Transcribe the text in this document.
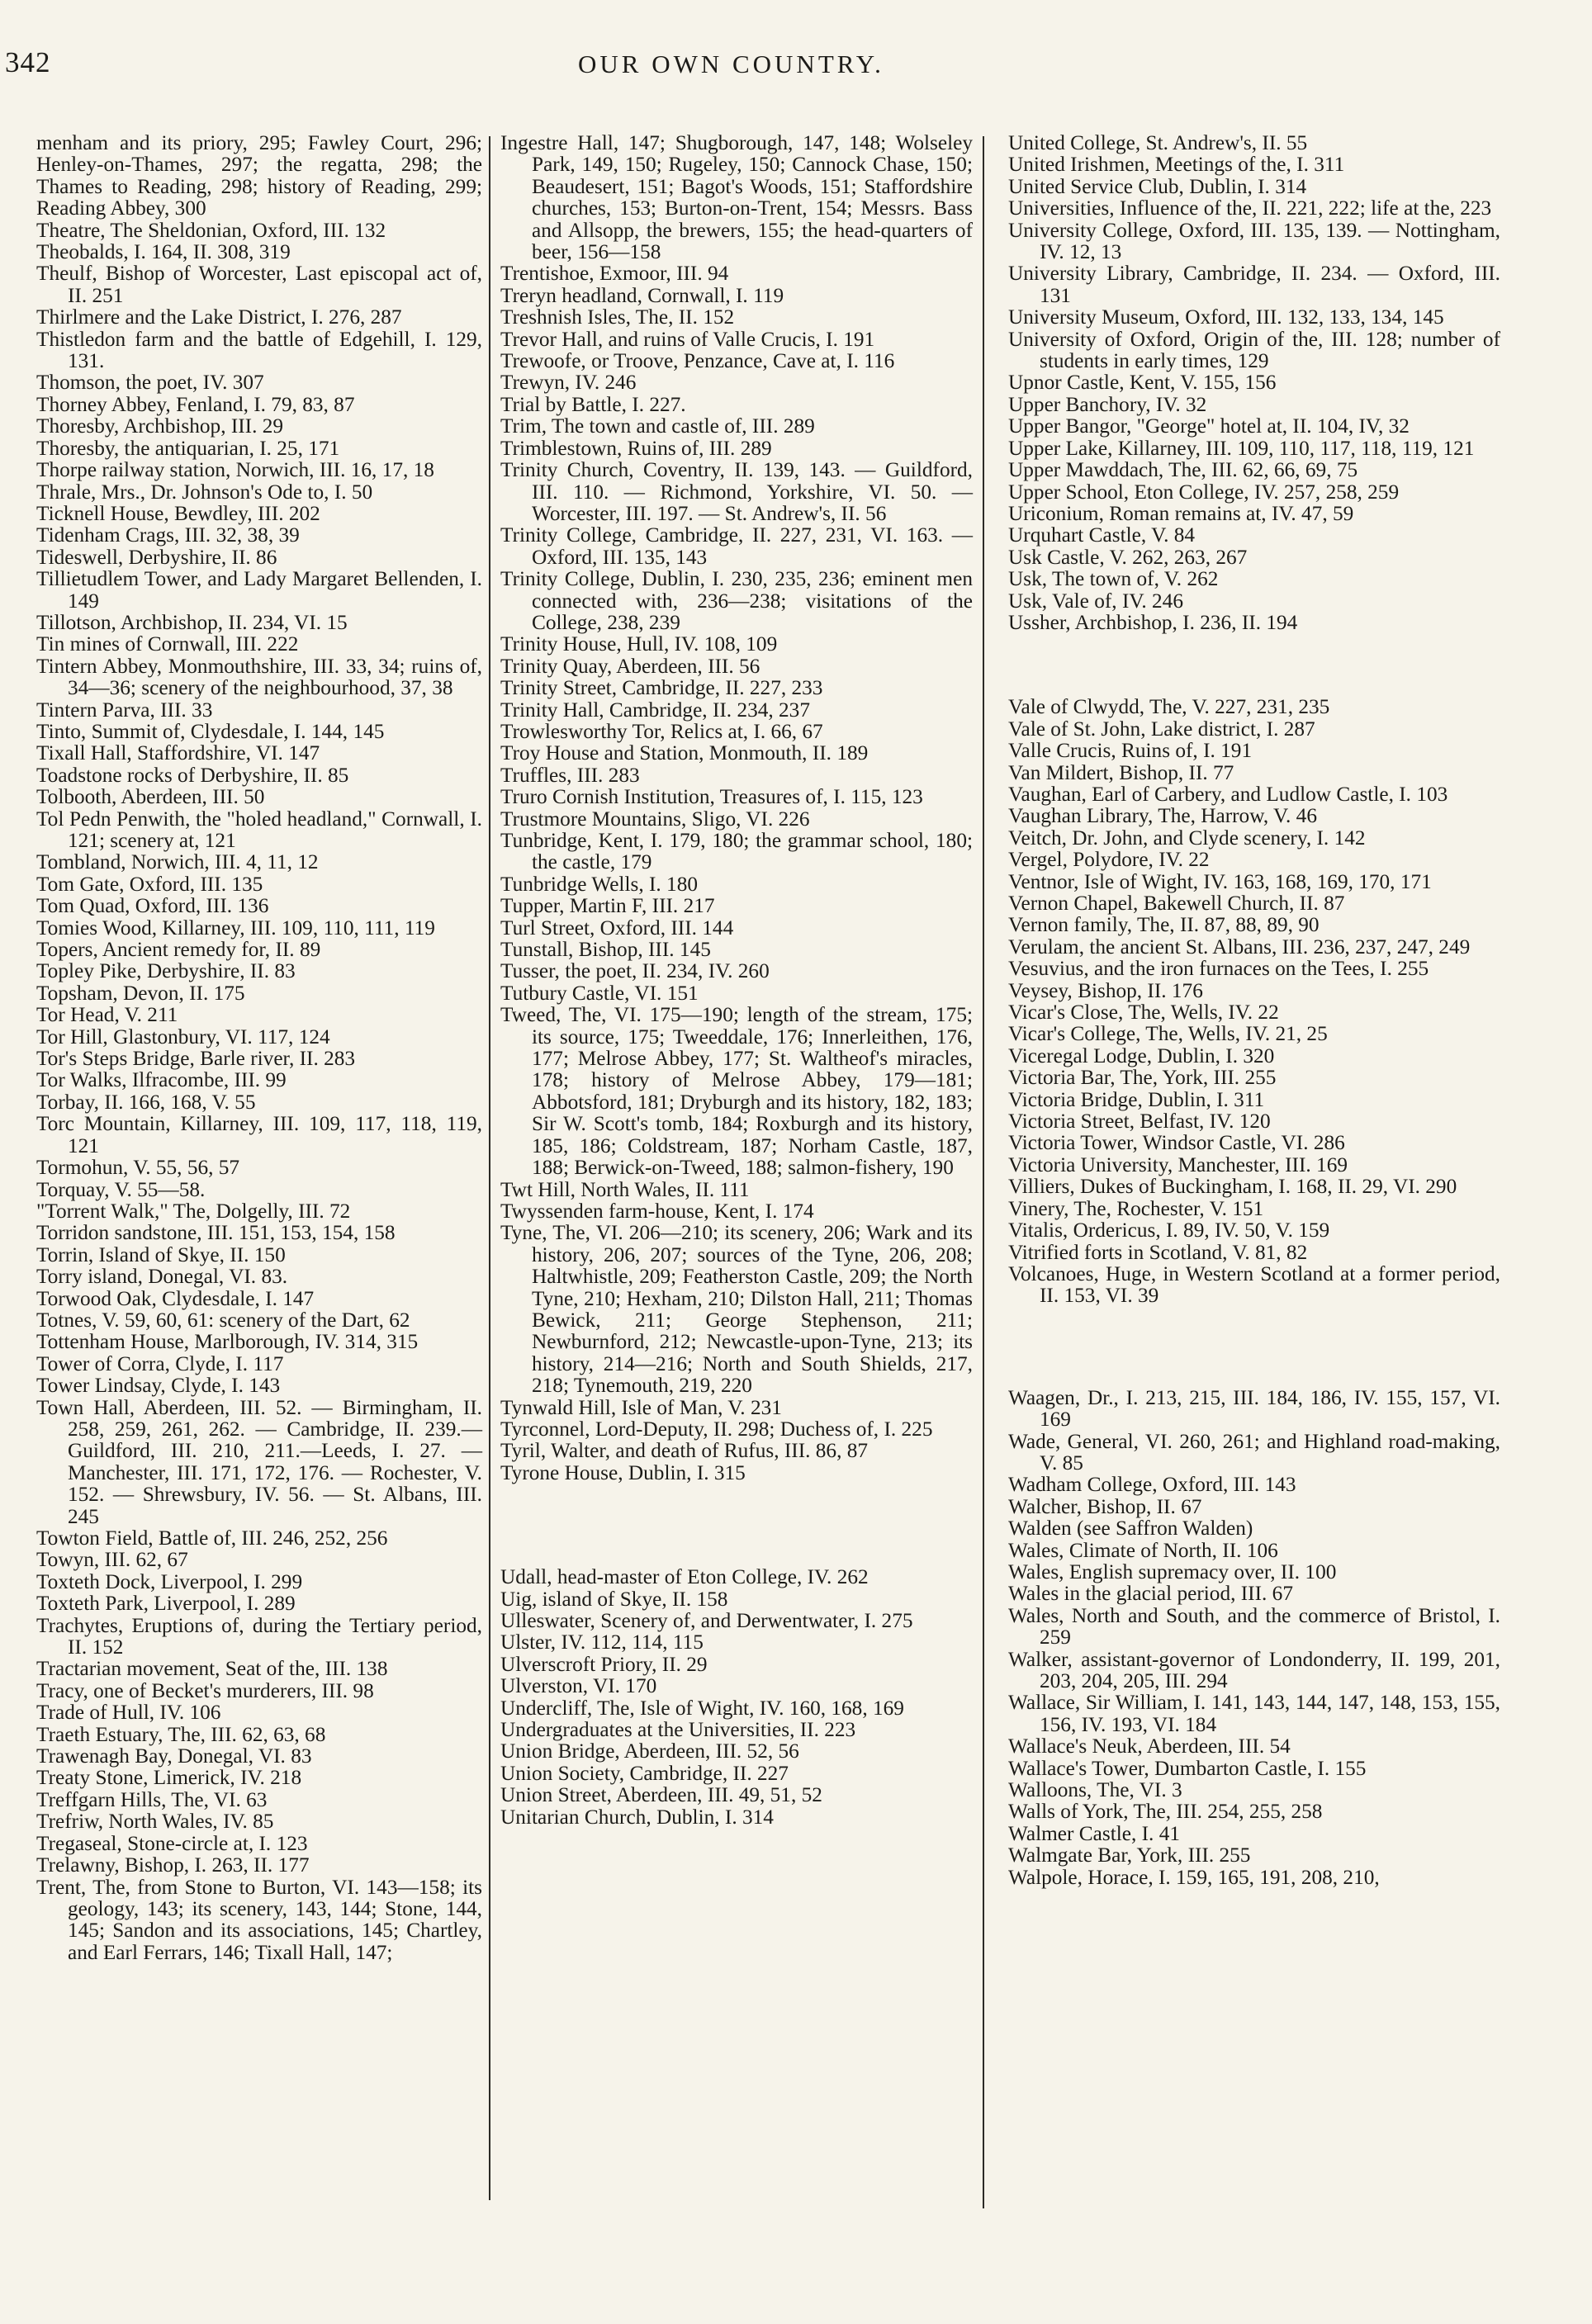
342	OUR OWN COUNTRY.

menham and its priory, 295; Fawley Court, 296; Henley-on-Thames, 297; the regatta, 298; the Thames to Reading, 298; history of Reading, 299; Reading Abbey, 300

Theatre, The Sheldonian, Oxford, III. 132

Theobalds, I. 164, II. 308, 319

Theulf, Bishop of Worcester, Last episcopal act of, II. 251

Thirlmere and the Lake District, I. 276, 287

Thistledon farm and the battle of Edgehill, I. 129, 131.

Thomson, the poet, IV. 307

Thorney Abbey, Fenland, I. 79, 83, 87

Thoresby, Archbishop, III. 29

Thoresby, the antiquarian, I. 25, 171

Thorpe railway station, Norwich, III. 16, 17, 18

Thrale, Mrs., Dr. Johnson's Ode to, I. 50

Ticknell House, Bewdley, III. 202

Tidenham Crags, III. 32, 38, 39

Tideswell, Derbyshire, II. 86

Tillietudlem Tower, and Lady Margaret Bellenden, I. 149

Tillotson, Archbishop, II. 234, VI. 15

Tin mines of Cornwall, III. 222

Tintern Abbey, Monmouthshire, III. 33, 34; ruins of, 34—36; scenery of the neighbourhood, 37, 38

Tintern Parva, III. 33

Tinto, Summit of, Clydesdale, I. 144, 145

Tixall Hall, Staffordshire, VI. 147

Toadstone rocks of Derbyshire, II. 85

Tolbooth, Aberdeen, III. 50

Tol Pedn Penwith, the "holed headland," Cornwall, I. 121; scenery at, 121

Tombland, Norwich, III. 4, 11, 12

Tom Gate, Oxford, III. 135

Tom Quad, Oxford, III. 136

Tomies Wood, Killarney, III. 109, 110, 111, 119

Topers, Ancient remedy for, II. 89

Topley Pike, Derbyshire, II. 83

Topsham, Devon, II. 175

Tor Head, V. 211

Tor Hill, Glastonbury, VI. 117, 124

Tor's Steps Bridge, Barle river, II. 283

Tor Walks, Ilfracombe, III. 99

Torbay, II. 166, 168, V. 55

Torc Mountain, Killarney, III. 109, 117, 118, 119, 121

Tormohun, V. 55, 56, 57

Torquay, V. 55—58.

"Torrent Walk," The, Dolgelly, III. 72

Torridon sandstone, III. 151, 153, 154, 158

Torrin, Island of Skye, II. 150

Torry island, Donegal, VI. 83.

Torwood Oak, Clydesdale, I. 147

Totnes, V. 59, 60, 61: scenery of the Dart, 62

Tottenham House, Marlborough, IV. 314, 315

Tower of Corra, Clyde, I. 117

Tower Lindsay, Clyde, I. 143

Town Hall, Aberdeen, III. 52. — Birmingham, II. 258, 259, 261, 262. — Cambridge, II. 239.—Guildford, III. 210, 211.—Leeds, I. 27. — Manchester, III. 171, 172, 176. — Rochester, V. 152. — Shrewsbury, IV. 56. — St. Albans, III. 245

Towton Field, Battle of, III. 246, 252, 256

Towyn, III. 62, 67

Toxteth Dock, Liverpool, I. 299

Toxteth Park, Liverpool, I. 289

Trachytes, Eruptions of, during the Tertiary period, II. 152

Tractarian movement, Seat of the, III. 138

Tracy, one of Becket's murderers, III. 98

Trade of Hull, IV. 106

Traeth Estuary, The, III. 62, 63, 68

Trawenagh Bay, Donegal, VI. 83

Treaty Stone, Limerick, IV. 218

Treffgarn Hills, The, VI. 63

Trefriw, North Wales, IV. 85

Tregaseal, Stone-circle at, I. 123

Trelawny, Bishop, I. 263, II. 177

Trent, The, from Stone to Burton, VI. 143—158; its geology, 143; its scenery, 143, 144; Stone, 144, 145; Sandon and its associations, 145; Chartley, and Earl Ferrars, 146; Tixall Hall, 147;

Ingestre Hall, 147; Shugborough, 147, 148; Wolseley Park, 149, 150; Rugeley, 150; Cannock Chase, 150; Beaudesert, 151; Bagot's Woods, 151; Staffordshire churches, 153; Burton-on-Trent, 154; Messrs. Bass and Allsopp, the brewers, 155; the head-quarters of beer, 156—158

Trentishoe, Exmoor, III. 94

Treryn headland, Cornwall, I. 119

Treshnish Isles, The, II. 152

Trevor Hall, and ruins of Valle Crucis, I. 191

Trewoofe, or Troove, Penzance, Cave at, I. 116

Trewyn, IV. 246

Trial by Battle, I. 227.

Trim, The town and castle of, III. 289

Trimblestown, Ruins of, III. 289

Trinity Church, Coventry, II. 139, 143. — Guildford, III. 110. — Richmond, Yorkshire, VI. 50. — Worcester, III. 197. — St. Andrew's, II. 56

Trinity College, Cambridge, II. 227, 231, VI. 163. — Oxford, III. 135, 143

Trinity College, Dublin, I. 230, 235, 236; eminent men connected with, 236—238; visitations of the College, 238, 239

Trinity House, Hull, IV. 108, 109

Trinity Quay, Aberdeen, III. 56

Trinity Street, Cambridge, II. 227, 233

Trinity Hall, Cambridge, II. 234, 237

Trowlesworthy Tor, Relics at, I. 66, 67

Troy House and Station, Monmouth, II. 189

Truffles, III. 283

Truro Cornish Institution, Treasures of, I. 115, 123

Trustmore Mountains, Sligo, VI. 226

Tunbridge, Kent, I. 179, 180; the grammar school, 180; the castle, 179

Tunbridge Wells, I. 180

Tupper, Martin F, III. 217

Turl Street, Oxford, III. 144

Tunstall, Bishop, III. 145

Tusser, the poet, II. 234, IV. 260

Tutbury Castle, VI. 151

Tweed, The, VI. 175—190; length of the stream, 175; its source, 175; Tweeddale, 176; Innerleithen, 176, 177; Melrose Abbey, 177; St. Waltheof's miracles, 178; history of Melrose Abbey, 179—181; Abbotsford, 181; Dryburgh and its history, 182, 183; Sir W. Scott's tomb, 184; Roxburgh and its history, 185, 186; Coldstream, 187; Norham Castle, 187, 188; Berwick-on-Tweed, 188; salmon-fishery, 190

Twt Hill, North Wales, II. 111

Twyssenden farm-house, Kent, I. 174

Tyne, The, VI. 206—210; its scenery, 206; Wark and its history, 206, 207; sources of the Tyne, 206, 208; Haltwhistle, 209; Featherston Castle, 209; the North Tyne, 210; Hexham, 210; Dilston Hall, 211; Thomas Bewick, 211; George Stephenson, 211; Newburnford, 212; Newcastle-upon-Tyne, 213; its history, 214—216; North and South Shields, 217, 218; Tynemouth, 219, 220

Tynwald Hill, Isle of Man, V. 231

Tyrconnel, Lord-Deputy, II. 298; Duchess of, I. 225

Tyril, Walter, and death of Rufus, III. 86, 87

Tyrone House, Dublin, I. 315

Udall, head-master of Eton College, IV. 262

Uig, island of Skye, II. 158

Ulleswater, Scenery of, and Derwentwater, I. 275

Ulster, IV. 112, 114, 115

Ulverscroft Priory, II. 29

Ulverston, VI. 170

Undercliff, The, Isle of Wight, IV. 160, 168, 169

Undergraduates at the Universities, II. 223

Union Bridge, Aberdeen, III. 52, 56

Union Society, Cambridge, II. 227

Union Street, Aberdeen, III. 49, 51, 52

Unitarian Church, Dublin, I. 314

United College, St. Andrew's, II. 55

United Irishmen, Meetings of the, I. 311

United Service Club, Dublin, I. 314

Universities, Influence of the, II. 221, 222; life at the, 223

University College, Oxford, III. 135, 139. — Nottingham, IV. 12, 13

University Library, Cambridge, II. 234. — Oxford, III. 131

University Museum, Oxford, III. 132, 133, 134, 145

University of Oxford, Origin of the, III. 128; number of students in early times, 129

Upnor Castle, Kent, V. 155, 156

Upper Banchory, IV. 32

Upper Bangor, "George" hotel at, II. 104, IV, 32

Upper Lake, Killarney, III. 109, 110, 117, 118, 119, 121

Upper Mawddach, The, III. 62, 66, 69, 75

Upper School, Eton College, IV. 257, 258, 259

Uriconium, Roman remains at, IV. 47, 59

Urquhart Castle, V. 84

Usk Castle, V. 262, 263, 267

Usk, The town of, V. 262

Usk, Vale of, IV. 246

Ussher, Archbishop, I. 236, II. 194

Vale of Clwydd, The, V. 227, 231, 235

Vale of St. John, Lake district, I. 287

Valle Crucis, Ruins of, I. 191

Van Mildert, Bishop, II. 77

Vaughan, Earl of Carbery, and Ludlow Castle, I. 103

Vaughan Library, The, Harrow, V. 46

Veitch, Dr. John, and Clyde scenery, I. 142

Vergel, Polydore, IV. 22

Ventnor, Isle of Wight, IV. 163, 168, 169, 170, 171

Vernon Chapel, Bakewell Church, II. 87

Vernon family, The, II. 87, 88, 89, 90

Verulam, the ancient St. Albans, III. 236, 237, 247, 249

Vesuvius, and the iron furnaces on the Tees, I. 255

Veysey, Bishop, II. 176

Vicar's Close, The, Wells, IV. 22

Vicar's College, The, Wells, IV. 21, 25

Viceregal Lodge, Dublin, I. 320

Victoria Bar, The, York, III. 255

Victoria Bridge, Dublin, I. 311

Victoria Street, Belfast, IV. 120

Victoria Tower, Windsor Castle, VI. 286

Victoria University, Manchester, III. 169

Villiers, Dukes of Buckingham, I. 168, II. 29, VI. 290

Vinery, The, Rochester, V. 151

Vitalis, Ordericus, I. 89, IV. 50, V. 159

Vitrified forts in Scotland, V. 81, 82

Volcanoes, Huge, in Western Scotland at a former period, II. 153, VI. 39

Waagen, Dr., I. 213, 215, III. 184, 186, IV. 155, 157, VI. 169

Wade, General, VI. 260, 261; and Highland road-making, V. 85

Wadham College, Oxford, III. 143

Walcher, Bishop, II. 67

Walden (see Saffron Walden)

Wales, Climate of North, II. 106

Wales, English supremacy over, II. 100

Wales in the glacial period, III. 67

Wales, North and South, and the commerce of Bristol, I. 259

Walker, assistant-governor of Londonderry, II. 199, 201, 203, 204, 205, III. 294

Wallace, Sir William, I. 141, 143, 144, 147, 148, 153, 155, 156, IV. 193, VI. 184

Wallace's Neuk, Aberdeen, III. 54

Wallace's Tower, Dumbarton Castle, I. 155

Walloons, The, VI. 3

Walls of York, The, III. 254, 255, 258

Walmer Castle, I. 41

Walmgate Bar, York, III. 255

Walpole, Horace, I. 159, 165, 191, 208, 210,
